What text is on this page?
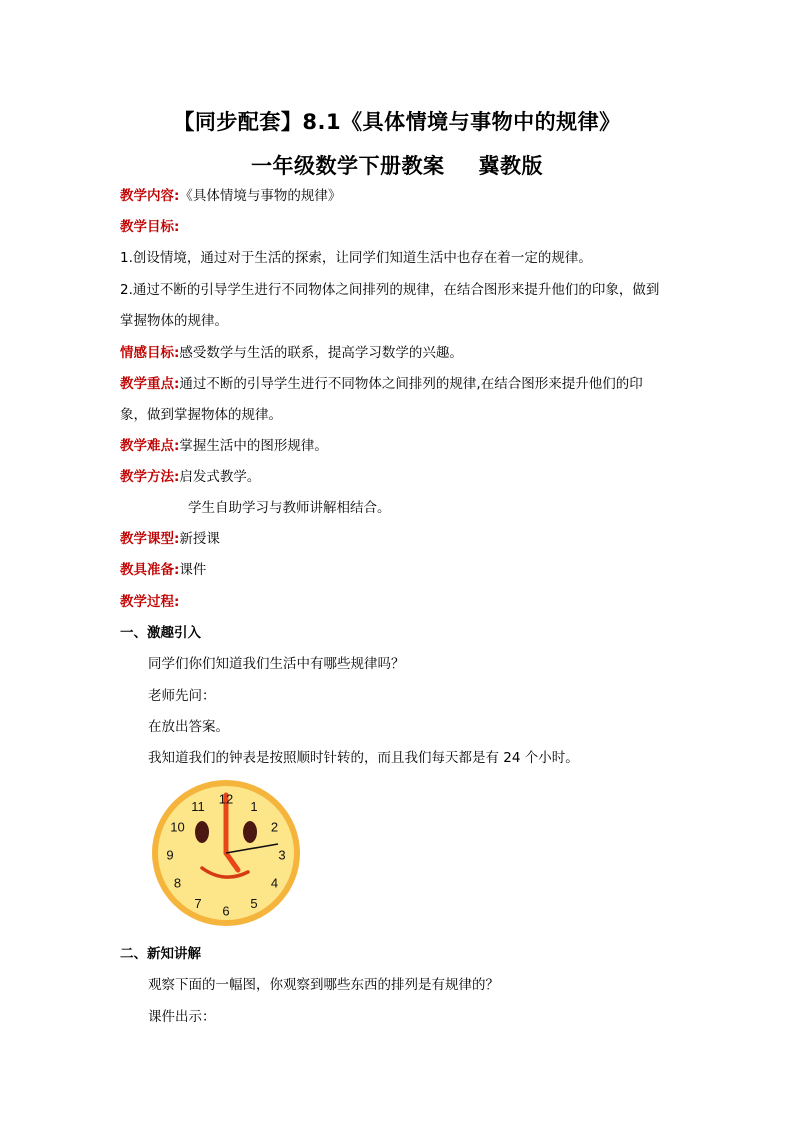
【同步配套】8.1《具体情境与事物中的规律》
一年级数学下册教案 冀教版
教学内容:《具体情境与事物的规律》
教学目标:
1.创设情境，通过对于生活的探索，让同学们知道生活中也存在着一定的规律。
2.通过不断的引导学生进行不同物体之间排列的规律，在结合图形来提升他们的印象，做到
掌握物体的规律。
情感目标:感受数学与生活的联系，提高学习数学的兴趣。
教学重点:通过不断的引导学生进行不同物体之间排列的规律,在结合图形来提升他们的印
象，做到掌握物体的规律。
教学难点:掌握生活中的图形规律。
教学方法:启发式教学。
学生自助学习与教师讲解相结合。
教学课型:新授课
教具准备:课件
教学过程:
一、激趣引入
同学们你们知道我们生活中有哪些规律吗？
老师先问：
在放出答案。
我知道我们的钟表是按照顺时针转的，而且我们每天都是有 24 个小时。
12 1
2
3
4
5
6
7
8
9
10
11
二、新知讲解
观察下面的一幅图，你观察到哪些东西的排列是有规律的？
课件出示：
